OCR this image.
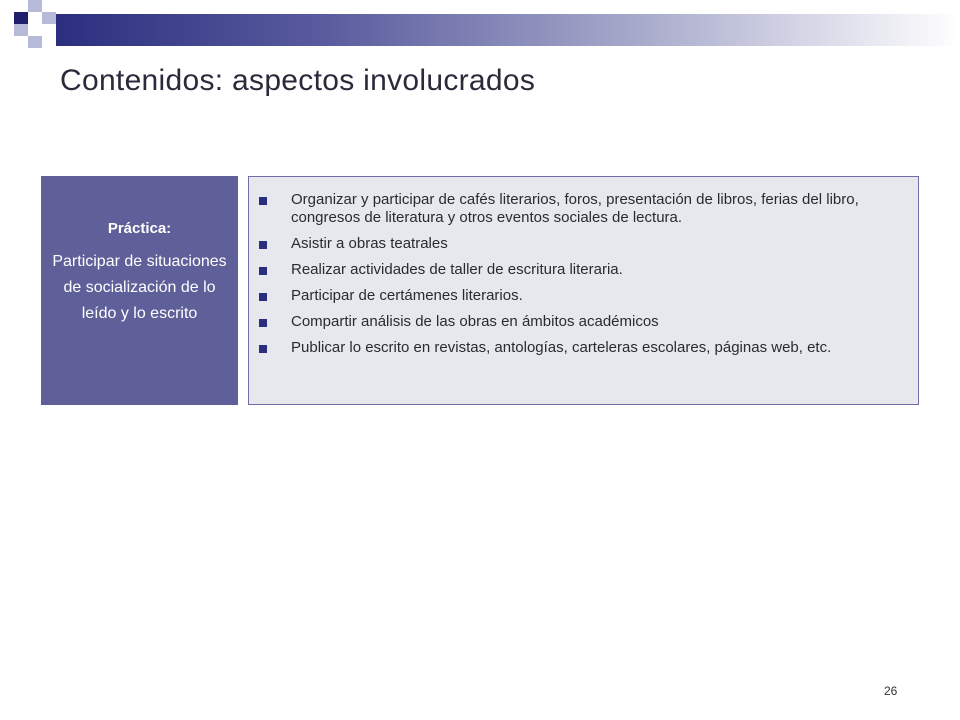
Contenidos: aspectos involucrados
Práctica:
Participar de situaciones de socialización de lo leído y lo escrito
Organizar y participar de cafés literarios, foros, presentación de libros, ferias del libro, congresos de literatura y otros eventos sociales de lectura.
Asistir a obras teatrales
Realizar actividades de taller de escritura literaria.
Participar de certámenes literarios.
Compartir análisis de las obras en ámbitos académicos
Publicar lo escrito en revistas, antologías, carteleras escolares, páginas web, etc.
26
